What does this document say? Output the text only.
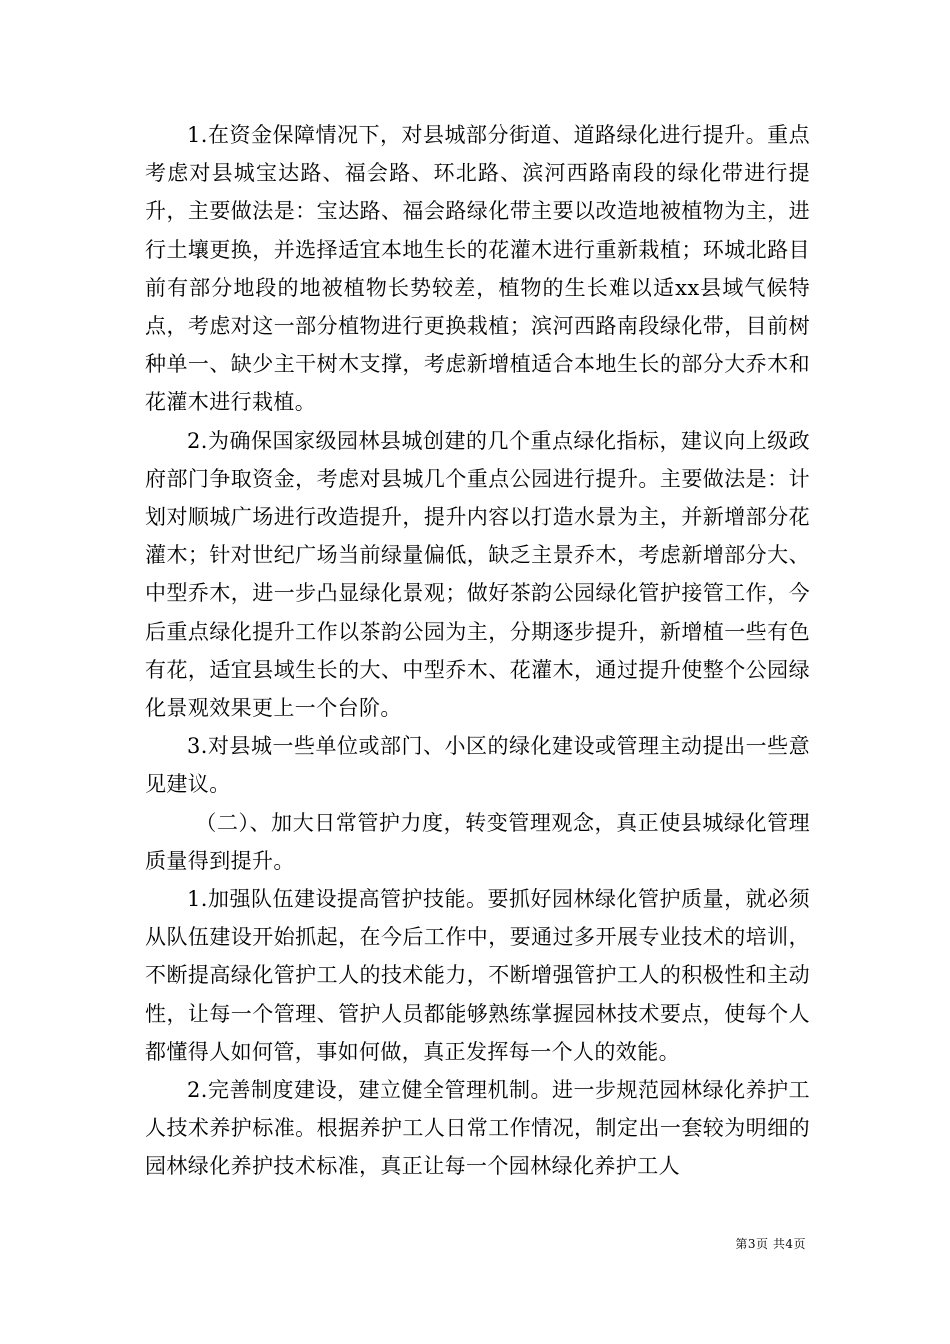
1.在资金保障情况下，对县城部分街道、道路绿化进行提升。重点考虑对县城宝达路、福会路、环北路、滨河西路南段的绿化带进行提升，主要做法是：宝达路、福会路绿化带主要以改造地被植物为主，进行土壤更换，并选择适宜本地生长的花灌木进行重新栽植；环城北路目前有部分地段的地被植物长势较差，植物的生长难以适xx县域气候特点，考虑对这一部分植物进行更换栽植；滨河西路南段绿化带，目前树种单一、缺少主干树木支撑，考虑新增植适合本地生长的部分大乔木和花灌木进行栽植。

2.为确保国家级园林县城创建的几个重点绿化指标，建议向上级政府部门争取资金，考虑对县城几个重点公园进行提升。主要做法是：计划对顺城广场进行改造提升，提升内容以打造水景为主，并新增部分花灌木；针对世纪广场当前绿量偏低，缺乏主景乔木，考虑新增部分大、中型乔木，进一步凸显绿化景观；做好茶韵公园绿化管护接管工作，今后重点绿化提升工作以茶韵公园为主，分期逐步提升，新增植一些有色有花，适宜县域生长的大、中型乔木、花灌木，通过提升使整个公园绿化景观效果更上一个台阶。

3.对县城一些单位或部门、小区的绿化建设或管理主动提出一些意见建议。

（二）、加大日常管护力度，转变管理观念，真正使县城绿化管理质量得到提升。

1.加强队伍建设提高管护技能。要抓好园林绿化管护质量，就必须从队伍建设开始抓起，在今后工作中，要通过多开展专业技术的培训，不断提高绿化管护工人的技术能力，不断增强管护工人的积极性和主动性，让每一个管理、管护人员都能够熟练掌握园林技术要点，使每个人都懂得人如何管，事如何做，真正发挥每一个人的效能。

2.完善制度建设，建立健全管理机制。进一步规范园林绿化养护工人技术养护标准。根据养护工人日常工作情况，制定出一套较为明细的园林绿化养护技术标准，真正让每一个园林绿化养护工人

第3页 共4页
